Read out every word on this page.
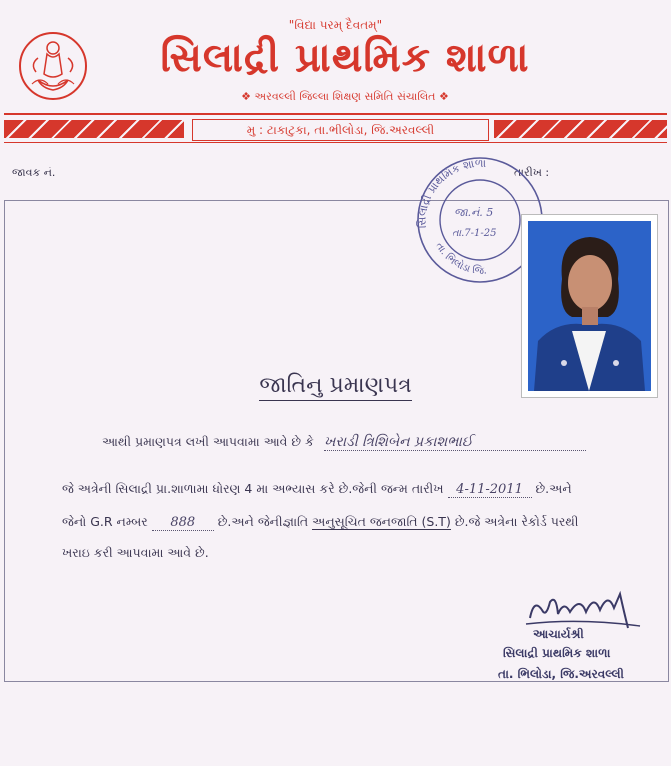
"વિદ્યા પરમ્ દૈવતમ્"
સિલાદ્રી પ્રાથમિક શાળા
❖ અરવલ્લી જિલ્લા શિક્ષણ સમિતિ સંચાલિત ❖
મુ : ટાકાટુકા, તા.ભીલોડા, જિ.અરવલ્લી
જાવક નં.	તારીખ :
સિલાદ્રી પ્રાથમિક શાળા
તા. ભિલોડા જિ.
જા.નં. 5
તા.7-1-25
જાતિનુ પ્રમાણપત્ર
આથી પ્રમાણપત્ર લખી આપવામા આવે છે કે ખરાડી ત્રિશિબેન પ્રકાશભાઈ
જે અત્રેની સિલાદ્રી પ્રા.શાળામા ધોરણ 4 મા અભ્યાસ કરે છે.જેની જન્મ તારીખ 4-11-2011 છે.અને
જેનો G.R નમ્બર 888 છે.અને જેનીજ્ઞાતિ અનુસૂચિત જનજાતિ (S.T) છે.જે અત્રેના રેકોર્ડ પરથી
ખરાઇ કરી આપવામા આવે છે.
આચાર્યશ્રી
સિલાદ્રી પ્રાથમિક શાળા
તા. ભિલોડા, જિ.અરવલ્લી
